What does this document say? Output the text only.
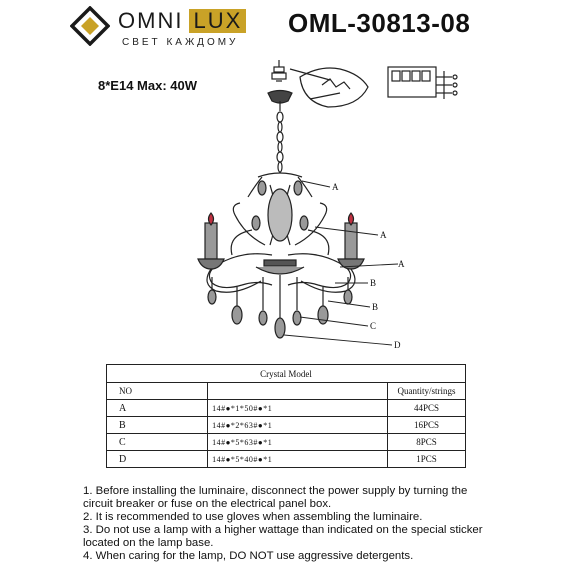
OMNI LUX
СВЕТ КАЖДОМУ
OML-30813-08
8*E14 Max: 40W
A
A
A
B
B
C
D
Crystal Model		
NO		Quantity/strings
A	14#●*1*50#●*1	44PCS
B	14#●*2*63#●*1	16PCS
C	14#●*5*63#●*1	8PCS
D	14#●*5*40#●*1	1PCS

1. Before installing the luminaire, disconnect the power supply by turning the circuit breaker or fuse on the electrical panel box.

2. It is recommended to use gloves when assembling the luminaire.

3. Do not use a lamp with a higher wattage than indicated on the special sticker located on the lamp base.

4. When caring for the lamp, DO NOT use aggressive detergents.
